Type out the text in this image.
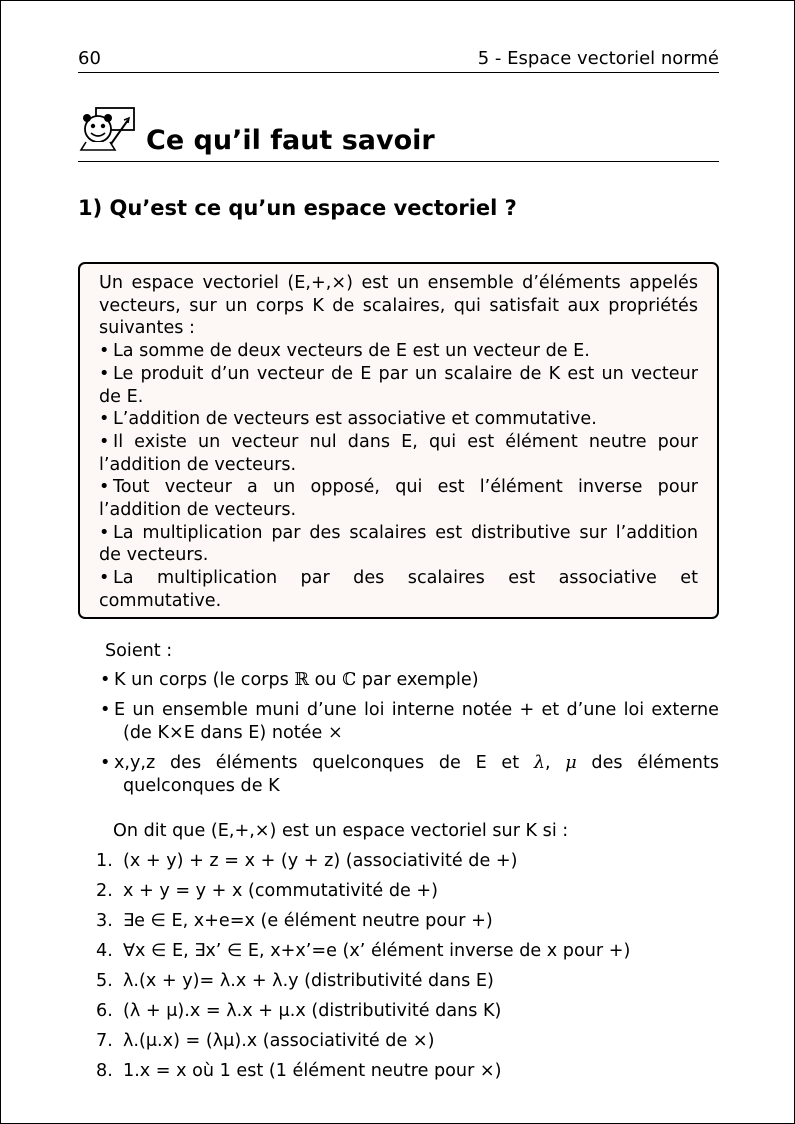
60	5 - Espace vectoriel normé
Ce qu’il faut savoir
1) Qu’est ce qu’un espace vectoriel ?

Un espace vectoriel (E,+,×) est un ensemble d’éléments appelés vecteurs, sur un corps K de scalaires, qui satisfait aux propriétés suivantes :

•La somme de deux vecteurs de E est un vecteur de E.

•Le produit d’un vecteur de E par un scalaire de K est un vecteur de E.

•L’addition de vecteurs est associative et commutative.

•Il existe un vecteur nul dans E, qui est élément neutre pour l’addition de vecteurs.

•Tout vecteur a un opposé, qui est l’élément inverse pour l’addition de vecteurs.

•La multiplication par des scalaires est distributive sur l’addition de vecteurs.

•La multiplication par des scalaires est associative et commutative.

Soient :
• K un corps (le corps ℝ ou ℂ par exemple)
• E un ensemble muni d’une loi interne notée + et d’une loi externe (de K×E dans E) notée ×
• x,y,z des éléments quelconques de E et λ, μ des éléments quelconques de K
On dit que (E,+,×) est un espace vectoriel sur K si :
1. (x + y) + z = x + (y + z) (associativité de +)
2. x + y = y + x (commutativité de +)
3. ∃e ∈ E, x+e=x (e élément neutre pour +)
4. ∀x ∈ E, ∃x’ ∈ E, x+x’=e (x’ élément inverse de x pour +)
5. λ.(x + y)= λ.x + λ.y (distributivité dans E)
6. (λ + μ).x = λ.x + μ.x (distributivité dans K)
7. λ.(μ.x) = (λμ).x (associativité de ×)
8. 1.x = x où 1 est (1 élément neutre pour ×)
